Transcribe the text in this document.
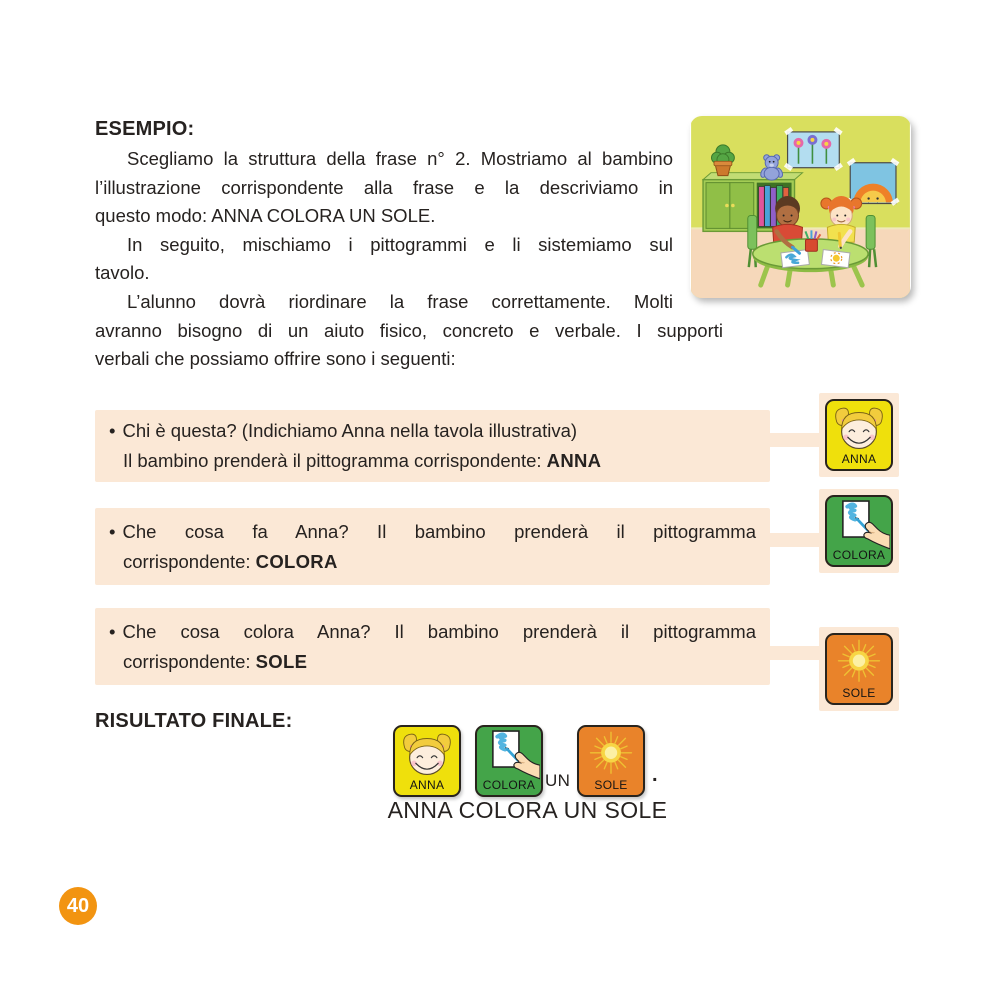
ESEMPIO:
Scegliamo la struttura della frase n° 2. Mostriamo al bambino
l’illustrazione corrispondente alla frase e la descriviamo in
questo modo: ANNA COLORA UN SOLE.
In seguito, mischiamo i pittogrammi e li sistemiamo sul
tavolo.
L’alunno dovrà riordinare la frase correttamente. Molti
avranno bisogno di un aiuto fisico, concreto e verbale. I supporti
verbali che possiamo offrire sono i seguenti:
• Chi è questa? (Indichiamo Anna nella tavola illustrativa)
Il bambino prenderà il pittogramma corrispondente: ANNA
• Che cosa fa Anna? Il bambino prenderà il pittogramma
corrispondente: COLORA
• Che cosa colora Anna? Il bambino prenderà il pittogramma
corrispondente: SOLE
ANNA
COLORA
SOLE
RISULTATO FINALE:
ANNA	COLORA UN	SOLE	.
ANNA COLORA UN SOLE
40
